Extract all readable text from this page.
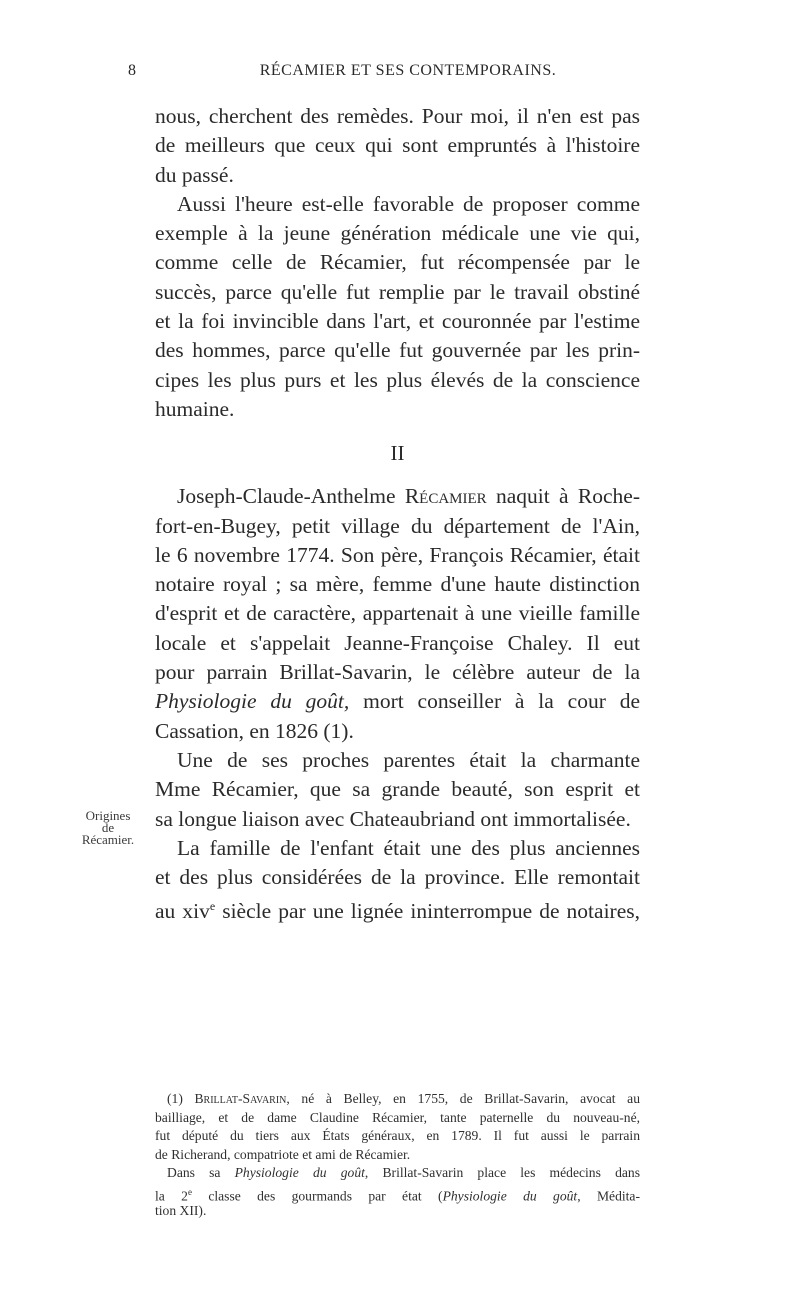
8	RÉCAMIER ET SES CONTEMPORAINS.
nous, cherchent des remèdes. Pour moi, il n'en est pas
de meilleurs que ceux qui sont empruntés à l'histoire
du passé.
Aussi l'heure est-elle favorable de proposer comme
exemple à la jeune génération médicale une vie qui,
comme celle de Récamier, fut récompensée par le
succès, parce qu'elle fut remplie par le travail obstiné
et la foi invincible dans l'art, et couronnée par l'estime
des hommes, parce qu'elle fut gouvernée par les prin-
cipes les plus purs et les plus élevés de la conscience
humaine.
II
Joseph-Claude-Anthelme Récamier naquit à Roche-
fort-en-Bugey, petit village du département de l'Ain,
le 6 novembre 1774. Son père, François Récamier, était
notaire royal ; sa mère, femme d'une haute distinction
d'esprit et de caractère, appartenait à une vieille famille
locale et s'appelait Jeanne-Françoise Chaley. Il eut
pour parrain Brillat-Savarin, le célèbre auteur de la
Physiologie du goût, mort conseiller à la cour de
Cassation, en 1826 (1).
Une de ses proches parentes était la charmante
Mme Récamier, que sa grande beauté, son esprit et
sa longue liaison avec Chateaubriand ont immortalisée.
La famille de l'enfant était une des plus anciennes
et des plus considérées de la province. Elle remontait
au xiv$^e$ siècle par une lignée ininterrompue de notaires,
Origines
de
Récamier.
(1) Brillat-Savarin, né à Belley, en 1755, de Brillat-Savarin, avocat au
bailliage, et de dame Claudine Récamier, tante paternelle du nouveau-né,
fut député du tiers aux États généraux, en 1789. Il fut aussi le parrain
de Richerand, compatriote et ami de Récamier.
Dans sa Physiologie du goût, Brillat-Savarin place les médecins dans
la 2e classe des gourmands par état (Physiologie du goût, Médita-
tion XII).
